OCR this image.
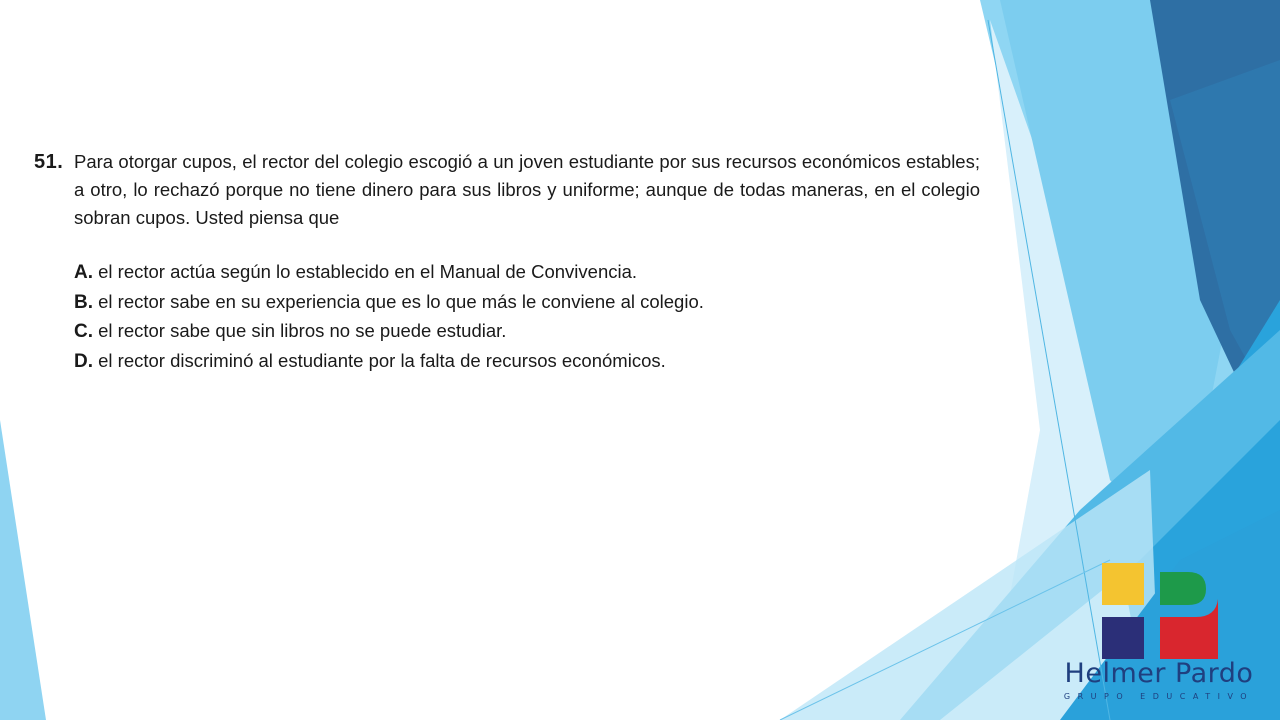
51. Para otorgar cupos, el rector del colegio escogió a un joven estudiante por sus recursos económicos estables; a otro, lo rechazó porque no tiene dinero para sus libros y uniforme; aunque de todas maneras, en el colegio sobran cupos. Usted piensa que
A. el rector actúa según lo establecido en el Manual de Convivencia.
B. el rector sabe en su experiencia que es lo que más le conviene al colegio.
C. el rector sabe que sin libros no se puede estudiar.
D. el rector discriminó al estudiante por la falta de recursos económicos.
Helmer Pardo
GRUPO EDUCATIVO
